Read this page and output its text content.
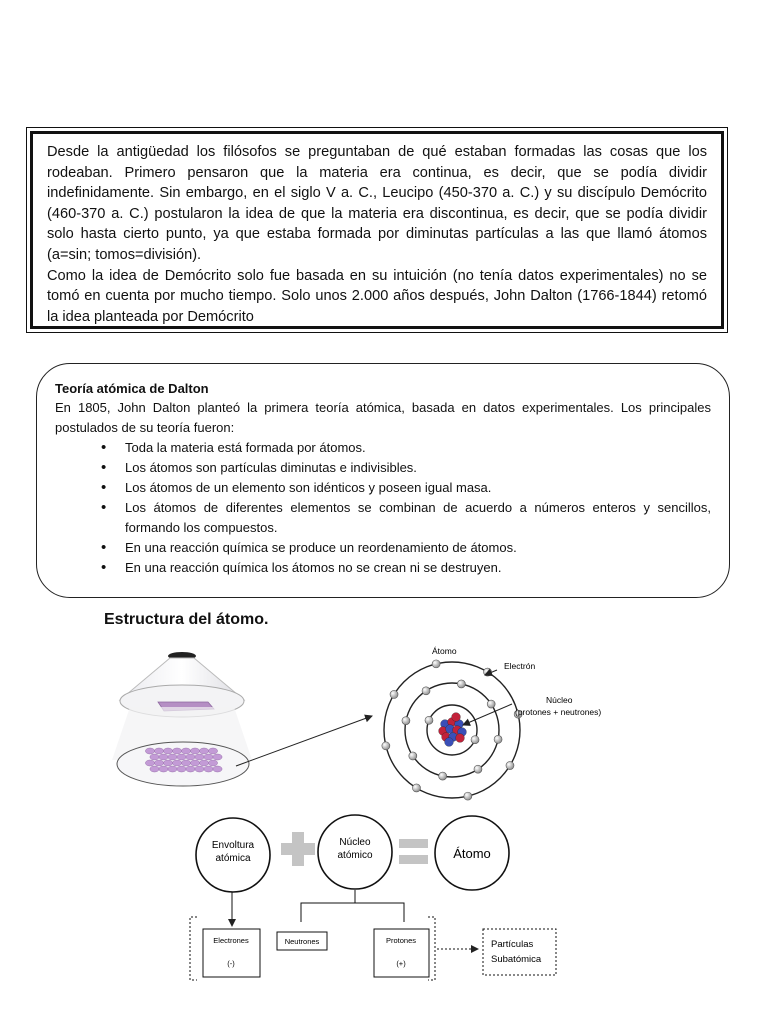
Desde la antigüedad los filósofos se preguntaban de qué estaban formadas las cosas que los rodeaban. Primero pensaron que la materia era continua, es decir, que se podía dividir indefinidamente. Sin embargo, en el siglo V a. C., Leucipo (450-370 a. C.) y su discípulo Demócrito (460-370 a. C.) postularon la idea de que la materia era discontinua, es decir, que se podía dividir solo hasta cierto punto, ya que estaba formada por diminutas partículas a las que llamó átomos (a=sin; tomos=división).

Como la idea de Demócrito solo fue basada en su intuición (no tenía datos experimentales) no se tomó en cuenta por mucho tiempo. Solo unos 2.000 años después, John Dalton (1766-1844) retomó la idea planteada por Demócrito

Teoría atómica de Dalton

En 1805, John Dalton planteó la primera teoría atómica, basada en datos experimentales. Los principales postulados de su teoría fueron:

• Toda la materia está formada por átomos.
• Los átomos son partículas diminutas e indivisibles.
• Los átomos de un elemento son idénticos y poseen igual masa.
• Los átomos de diferentes elementos se combinan de acuerdo a números enteros y sencillos, formando los compuestos.
• En una reacción química se produce un reordenamiento de átomos.
• En una reacción química los átomos no se crean ni se destruyen.
Estructura del átomo.
Átomo
Electrón
Núcleo
(protones + neutrones)
Envoltura
atómica
Núcleo
atómico	Átomo
Electrones
(-)
Neutrones	Protones
(+)
Partículas
Subatómica
